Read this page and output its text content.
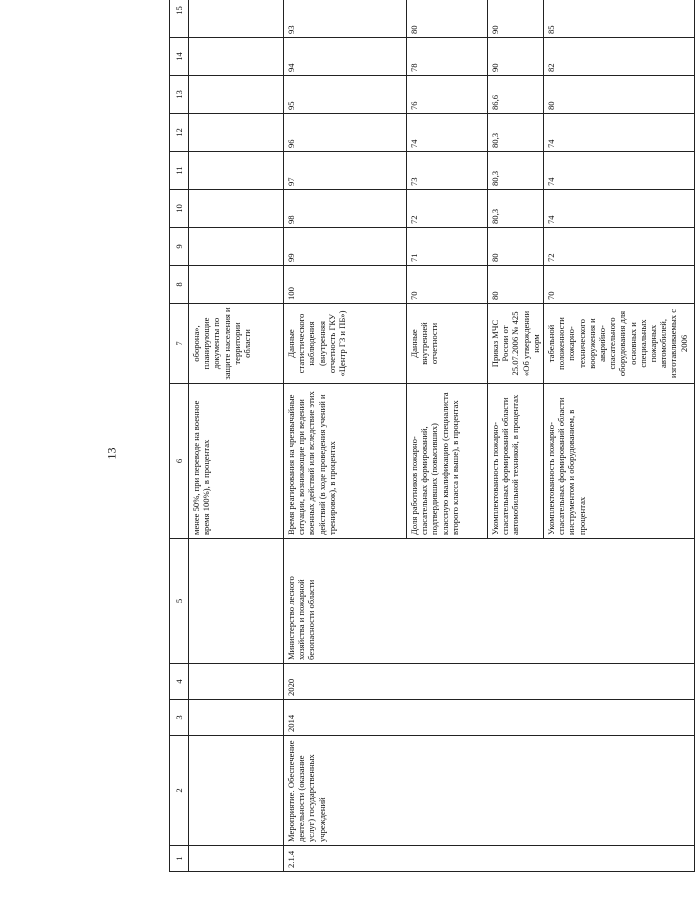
13
1	2	3	4	5	6	7	8	9	10	11	12	13	14	15
					менее 50%, при переводе на военное время 100%), в процентах	оборона», планирующие документы по защите населения и территории области								
2.1.4	Мероприятие. Обеспечение деятельности (оказание услуг) государственных учреждений	2014	2020	Министерство лесного хозяйства и пожарной безопасности области	Время реагирования на чрезвычайные ситуации, возникающие при ведении военных действий или вследствие этих действий (в ходе проведения учений и тренировок), в процентах	Данные статистического наблюдения (внутренняя отчетность ГКУ «Центр ГЗ и ПБ»)	100	99	98	97	96	95	94	93
					Доля работников пожарно-спасательных формирований, подтвердивших (повысивших) классную квалификацию (специалиста второго класса и выше), в процентах	Данные внутренней отчетности	70	71	72	73	74	76	78	80
					Укомплектованность пожарно-спасательных формирований области автомобильной техникой, в процентах	Приказ МЧС России от 25.07.2006 № 425 «Об утверждении норм	80	80	80,3	80,3	80,3	86,6	90	90
					Укомплектованность пожарно-спасательных формирований области инструментом и оборудованием, в процентах	табельной положенности пожарно-технического вооружения и аварийно-спасательного оборудования для основных и специальных пожарных автомобилей, изготавливаемых с 2006	70	72	74	74	74	80	82	85
